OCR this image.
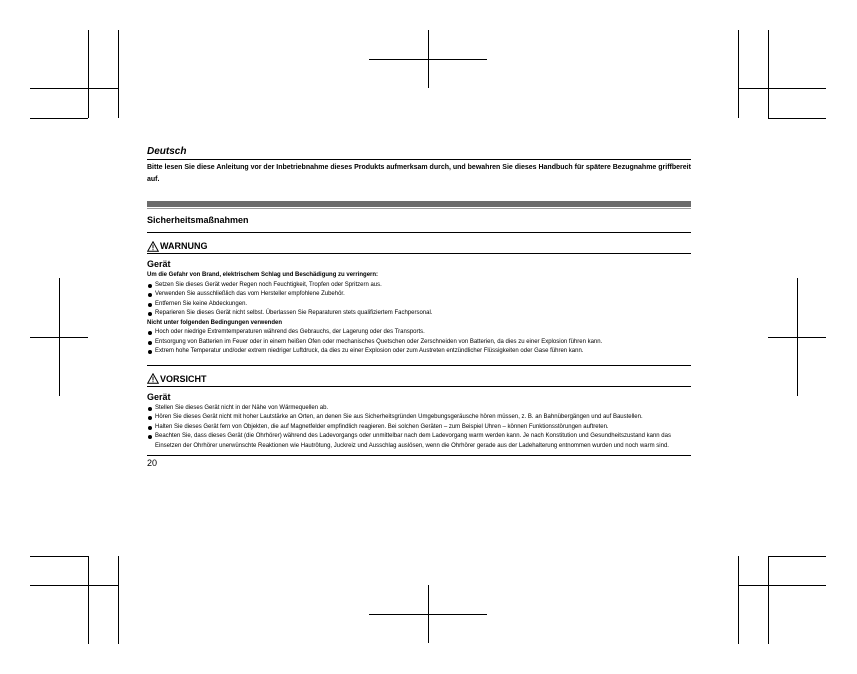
Deutsch
Bitte lesen Sie diese Anleitung vor der Inbetriebnahme dieses Produkts aufmerksam durch, und bewahren Sie dieses Handbuch für spätere Bezugnahme griffbereit auf.
Sicherheitsmaßnahmen
WARNUNG
Gerät
Um die Gefahr von Brand, elektrischem Schlag und Beschädigung zu verringern:
Setzen Sie dieses Gerät weder Regen noch Feuchtigkeit, Tropfen oder Spritzern aus.
Verwenden Sie ausschließlich das vom Hersteller empfohlene Zubehör.
Entfernen Sie keine Abdeckungen.
Reparieren Sie dieses Gerät nicht selbst. Überlassen Sie Reparaturen stets qualifiziertem Fachpersonal.
Nicht unter folgenden Bedingungen verwenden
Hoch oder niedrige Extremtemperaturen während des Gebrauchs, der Lagerung oder des Transports.
Entsorgung von Batterien im Feuer oder in einem heißen Ofen oder mechanisches Quetschen oder Zerschneiden von Batterien, da dies zu einer Explosion führen kann.
Extrem hohe Temperatur und/oder extrem niedriger Luftdruck, da dies zu einer Explosion oder zum Austreten entzündlicher Flüssigkeiten oder Gase führen kann.
VORSICHT
Gerät
Stellen Sie dieses Gerät nicht in der Nähe von Wärmequellen ab.
Hören Sie dieses Gerät nicht mit hoher Lautstärke an Orten, an denen Sie aus Sicherheitsgründen Umgebungsgeräusche hören müssen, z. B. an Bahnübergängen und auf Baustellen.
Halten Sie dieses Gerät fern von Objekten, die auf Magnetfelder empfindlich reagieren. Bei solchen Geräten – zum Beispiel Uhren – können Funktionsstörungen auftreten.
Beachten Sie, dass dieses Gerät (die Ohrhörer) während des Ladevorgangs oder unmittelbar nach dem Ladevorgang warm werden kann. Je nach Konstitution und Gesundheitszustand kann das Einsetzen der Ohrhörer unerwünschte Reaktionen wie Hautrötung, Juckreiz und Ausschlag auslösen, wenn die Ohrhörer gerade aus der Ladehalterung entnommen wurden und noch warm sind.
20
